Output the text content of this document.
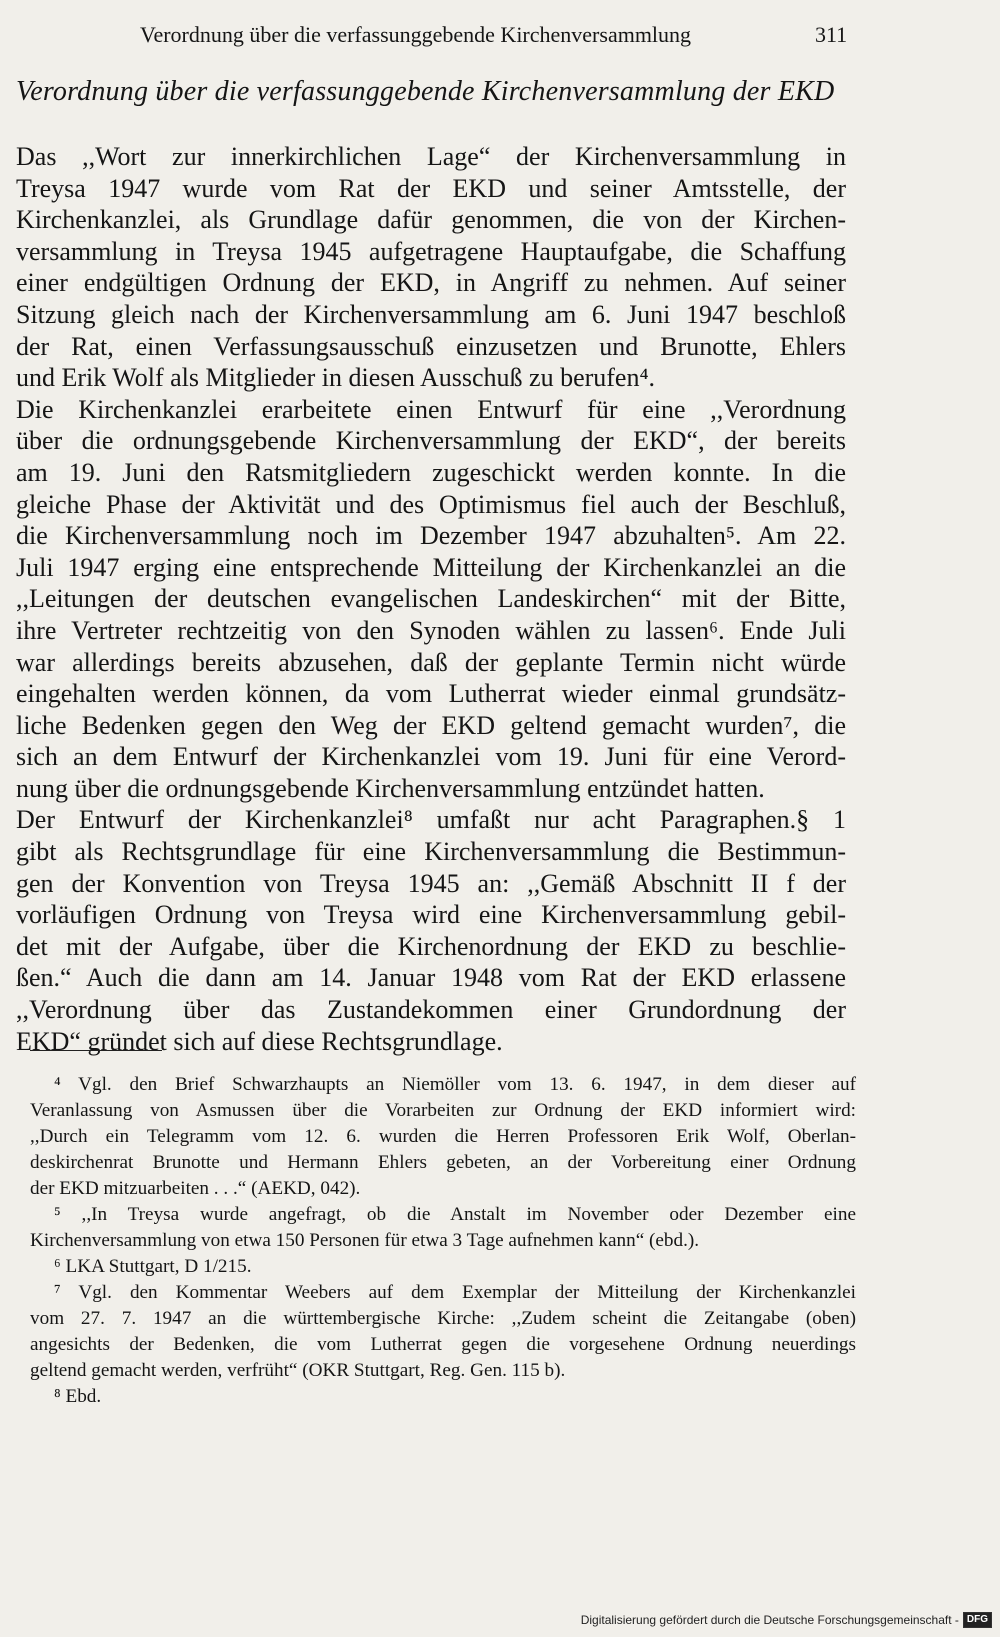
Verordnung über die verfassunggebende Kirchenversammlung	311
Verordnung über die verfassunggebende Kirchenversammlung der EKD
Das ,,Wort zur innerkirchlichen Lage“ der Kirchenversammlung in
Treysa 1947 wurde vom Rat der EKD und seiner Amtsstelle, der
Kirchenkanzlei, als Grundlage dafür genommen, die von der Kirchen-
versammlung in Treysa 1945 aufgetragene Hauptaufgabe, die Schaffung
einer endgültigen Ordnung der EKD, in Angriff zu nehmen. Auf seiner
Sitzung gleich nach der Kirchenversammlung am 6. Juni 1947 beschloß
der Rat, einen Verfassungsausschuß einzusetzen und Brunotte, Ehlers
und Erik Wolf als Mitglieder in diesen Ausschuß zu berufen⁴.
Die Kirchenkanzlei erarbeitete einen Entwurf für eine ,,Verordnung
über die ordnungsgebende Kirchenversammlung der EKD“, der bereits
am 19. Juni den Ratsmitgliedern zugeschickt werden konnte. In die
gleiche Phase der Aktivität und des Optimismus fiel auch der Beschluß,
die Kirchenversammlung noch im Dezember 1947 abzuhalten⁵. Am 22.
Juli 1947 erging eine entsprechende Mitteilung der Kirchenkanzlei an die
,,Leitungen der deutschen evangelischen Landeskirchen“ mit der Bitte,
ihre Vertreter rechtzeitig von den Synoden wählen zu lassen⁶. Ende Juli
war allerdings bereits abzusehen, daß der geplante Termin nicht würde
eingehalten werden können, da vom Lutherrat wieder einmal grundsätz-
liche Bedenken gegen den Weg der EKD geltend gemacht wurden⁷, die
sich an dem Entwurf der Kirchenkanzlei vom 19. Juni für eine Verord-
nung über die ordnungsgebende Kirchenversammlung entzündet hatten.
Der Entwurf der Kirchenkanzlei⁸ umfaßt nur acht Paragraphen.§ 1
gibt als Rechtsgrundlage für eine Kirchenversammlung die Bestimmun-
gen der Konvention von Treysa 1945 an: ,,Gemäß Abschnitt II f der
vorläufigen Ordnung von Treysa wird eine Kirchenversammlung gebil-
det mit der Aufgabe, über die Kirchenordnung der EKD zu beschlie-
ßen.“ Auch die dann am 14. Januar 1948 vom Rat der EKD erlassene
,,Verordnung über das Zustandekommen einer Grundordnung der
EKD“ gründet sich auf diese Rechtsgrundlage.
⁴ Vgl. den Brief Schwarzhaupts an Niemöller vom 13. 6. 1947, in dem dieser auf
Veranlassung von Asmussen über die Vorarbeiten zur Ordnung der EKD informiert wird:
,,Durch ein Telegramm vom 12. 6. wurden die Herren Professoren Erik Wolf, Oberlan-
deskirchenrat Brunotte und Hermann Ehlers gebeten, an der Vorbereitung einer Ordnung
der EKD mitzuarbeiten . . .“ (AEKD, 042).
⁵ ,,In Treysa wurde angefragt, ob die Anstalt im November oder Dezember eine
Kirchenversammlung von etwa 150 Personen für etwa 3 Tage aufnehmen kann“ (ebd.).
⁶ LKA Stuttgart, D 1/215.
⁷ Vgl. den Kommentar Weebers auf dem Exemplar der Mitteilung der Kirchenkanzlei
vom 27. 7. 1947 an die württembergische Kirche: ,,Zudem scheint die Zeitangabe (oben)
angesichts der Bedenken, die vom Lutherrat gegen die vorgesehene Ordnung neuerdings
geltend gemacht werden, verfrüht“ (OKR Stuttgart, Reg. Gen. 115 b).
⁸ Ebd.
Digitalisierung gefördert durch die Deutsche Forschungsgemeinschaft - DFG
